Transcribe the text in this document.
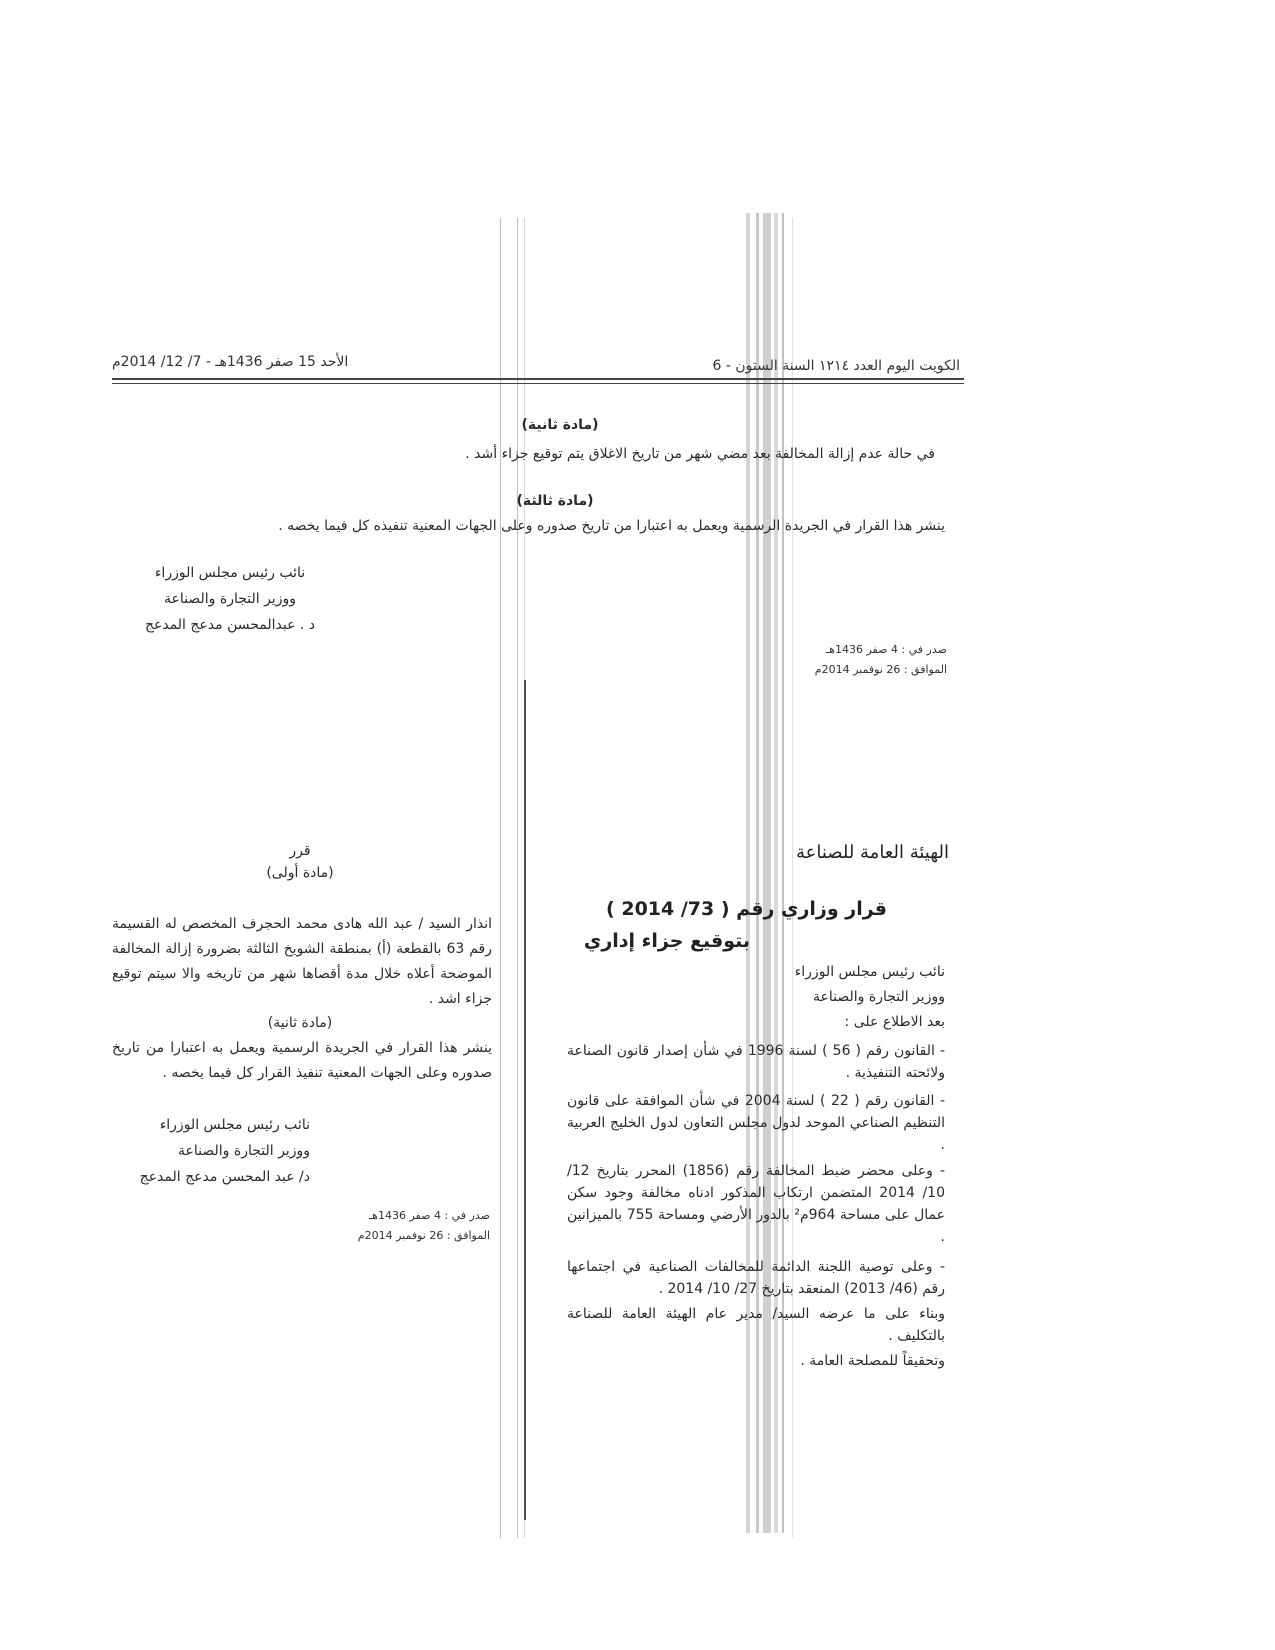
الكويت اليوم العدد ١٢١٤ السنة الستون - 6
الأحد 15 صفر 1436هـ - 7/ 12/ 2014م
(مادة ثانية)
في حالة عدم إزالة المخالفة بعد مضي شهر من تاريخ الاغلاق يتم توقيع جزاء أشد .
(مادة ثالثة)
ينشر هذا القرار في الجريدة الرسمية ويعمل به اعتبارا من تاريخ صدوره وعلى الجهات المعنية تنفيذه كل فيما يخصه .
نائب رئيس مجلس الوزراء
ووزير التجارة والصناعة
د . عبدالمحسن مدعج المدعج
صدر في : 4 صفر 1436هـ
الموافق : 26 نوفمبر 2014م
الهيئة العامة للصناعة
قرار وزاري رقم ( 73/ 2014 )
بتوقيع جزاء إداري
نائب رئيس مجلس الوزراء
ووزير التجارة والصناعة
بعد الاطلاع على :
- القانون رقم ( 56 ) لسنة 1996 في شأن إصدار قانون الصناعة ولائحته التنفيذية .
- القانون رقم ( 22 ) لسنة 2004 في شأن الموافقة على قانون التنظيم الصناعي الموحد لدول مجلس التعاون لدول الخليج العربية .
- وعلى محضر ضبط المخالفة رقم (1856) المحرر بتاريخ 12/ 10/ 2014 المتضمن ارتكاب المذكور ادناه مخالفة وجود سكن عمال على مساحة 964م² بالدور الأرضي ومساحة 755 بالميزانين .
- وعلى توصية اللجنة الدائمة للمخالفات الصناعية في اجتماعها رقم (46/ 2013) المنعقد بتاريخ 27/ 10/ 2014 .
وبناء على ما عرضه السيد/ مدير عام الهيئة العامة للصناعة بالتكليف .
وتحقيقاً للمصلحة العامة .
قرر
(مادة أولى)
انذار السيد / عبد الله هادى محمد الحجرف المخصص له القسيمة رقم 63 بالقطعة (أ) بمنطقة الشويخ الثالثة بضرورة إزالة المخالفة الموضحة أعلاه خلال مدة أقصاها شهر من تاريخه والا سيتم توقيع جزاء اشد .
(مادة ثانية)
ينشر هذا القرار في الجريدة الرسمية ويعمل به اعتبارا من تاريخ صدوره وعلى الجهات المعنية تنفيذ القرار كل فيما يخصه .
نائب رئيس مجلس الوزراء
ووزير التجارة والصناعة
د/ عبد المحسن مدعج المدعج
صدر في : 4 صفر 1436هـ
الموافق : 26 نوفمبر 2014م
